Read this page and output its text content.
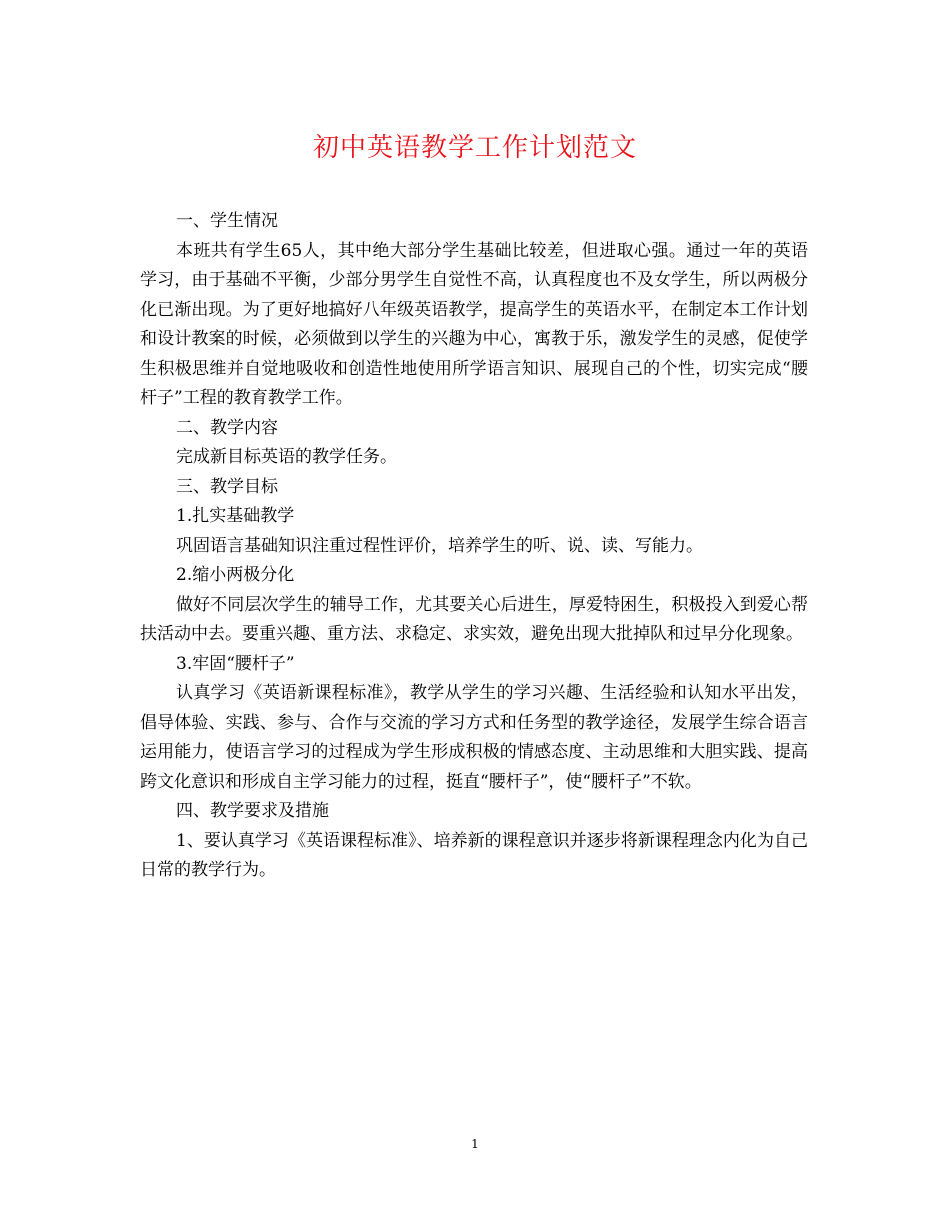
初中英语教学工作计划范文

一、学生情况

本班共有学生65人，其中绝大部分学生基础比较差，但进取心强。通过一年的英语学习，由于基础不平衡，少部分男学生自觉性不高，认真程度也不及女学生，所以两极分化已渐出现。为了更好地搞好八年级英语教学，提高学生的英语水平，在制定本工作计划和设计教案的时候，必须做到以学生的兴趣为中心，寓教于乐，激发学生的灵感，促使学生积极思维并自觉地吸收和创造性地使用所学语言知识、展现自己的个性，切实完成“腰杆子”工程的教育教学工作。

二、教学内容

完成新目标英语的教学任务。

三、教学目标

1.扎实基础教学

巩固语言基础知识注重过程性评价，培养学生的听、说、读、写能力。

2.缩小两极分化

做好不同层次学生的辅导工作，尤其要关心后进生，厚爱特困生，积极投入到爱心帮扶活动中去。要重兴趣、重方法、求稳定、求实效，避免出现大批掉队和过早分化现象。

3.牢固“腰杆子”

认真学习《英语新课程标准》，教学从学生的学习兴趣、生活经验和认知水平出发，倡导体验、实践、参与、合作与交流的学习方式和任务型的教学途径，发展学生综合语言运用能力，使语言学习的过程成为学生形成积极的情感态度、主动思维和大胆实践、提高跨文化意识和形成自主学习能力的过程，挺直“腰杆子”，使“腰杆子”不软。

四、教学要求及措施

1、要认真学习《英语课程标准》、培养新的课程意识并逐步将新课程理念内化为自己日常的教学行为。

1
